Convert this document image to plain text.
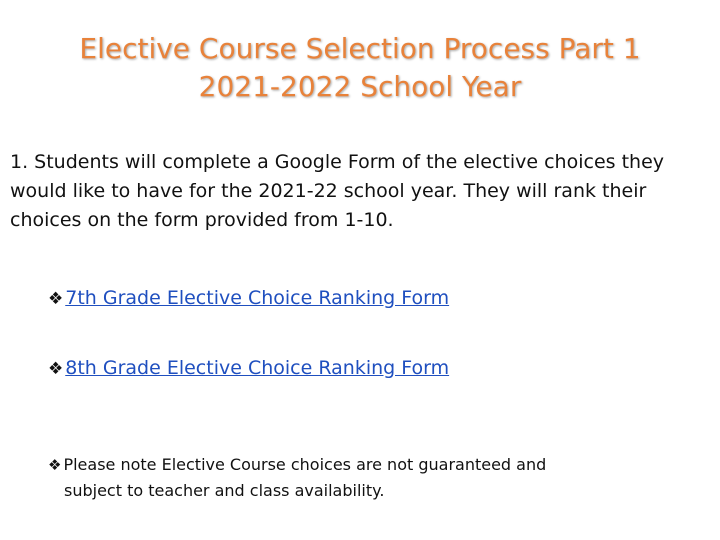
Elective Course Selection Process Part 1
2021-2022 School Year
1. Students will complete a Google Form of the elective choices they would like to have for the 2021-22 school year. They will rank their choices on the form provided from 1-10.
❖ 7th Grade Elective Choice Ranking Form
❖ 8th Grade Elective Choice Ranking Form
❖ Please note Elective Course choices are not guaranteed and
subject to teacher and class availability.
